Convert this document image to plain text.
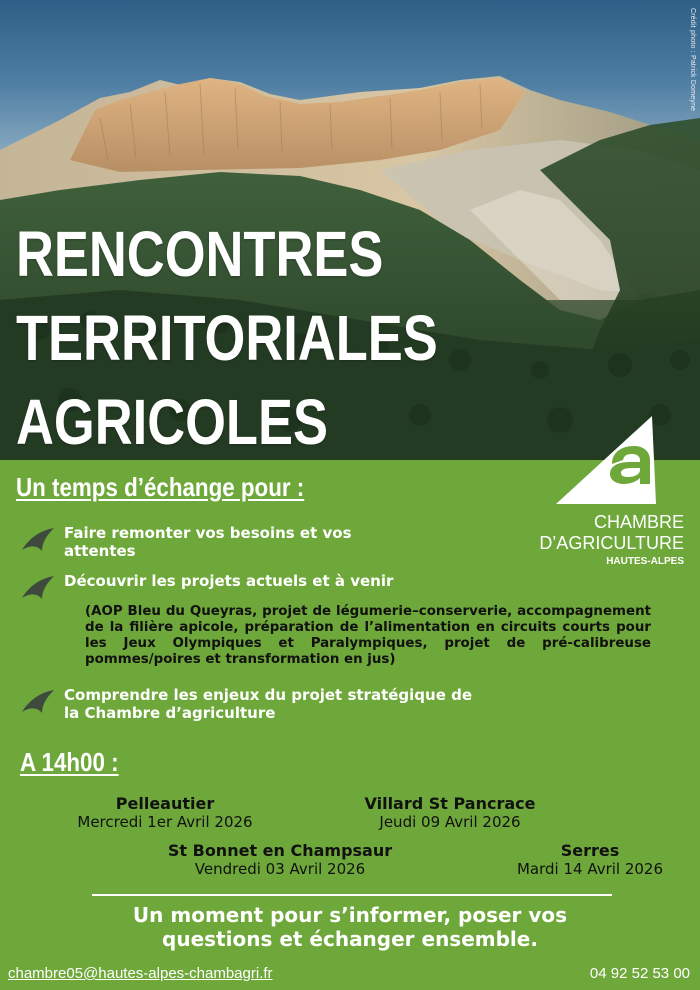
Crédit photo : Patrick Domeyne
RENCONTRES
TERRITORIALES
AGRICOLES
Un temps d’échange pour :
Faire remonter vos besoins et vos attentes
Découvrir les projets actuels et à venir
(AOP Bleu du Queyras, projet de légumerie–conserverie, accompagnement de la filière apicole, préparation de l’alimentation en circuits courts pour les Jeux Olympiques et Paralympiques, projet de pré-calibreuse pommes/poires et transformation en jus)
Comprendre les enjeux du projet stratégique de la Chambre d’agriculture
A 14h00 :
Pelleautier
Mercredi 1er Avril 2026
Villard St Pancrace
Jeudi 09 Avril 2026
St Bonnet en Champsaur
Vendredi 03 Avril 2026
Serres
Mardi 14 Avril 2026
Un moment pour s’informer, poser vos
questions et échanger ensemble.
chambre05@hautes-alpes-chambagri.fr	04 92 52 53 00
CHAMBRE
D’AGRICULTURE
HAUTES-ALPES
